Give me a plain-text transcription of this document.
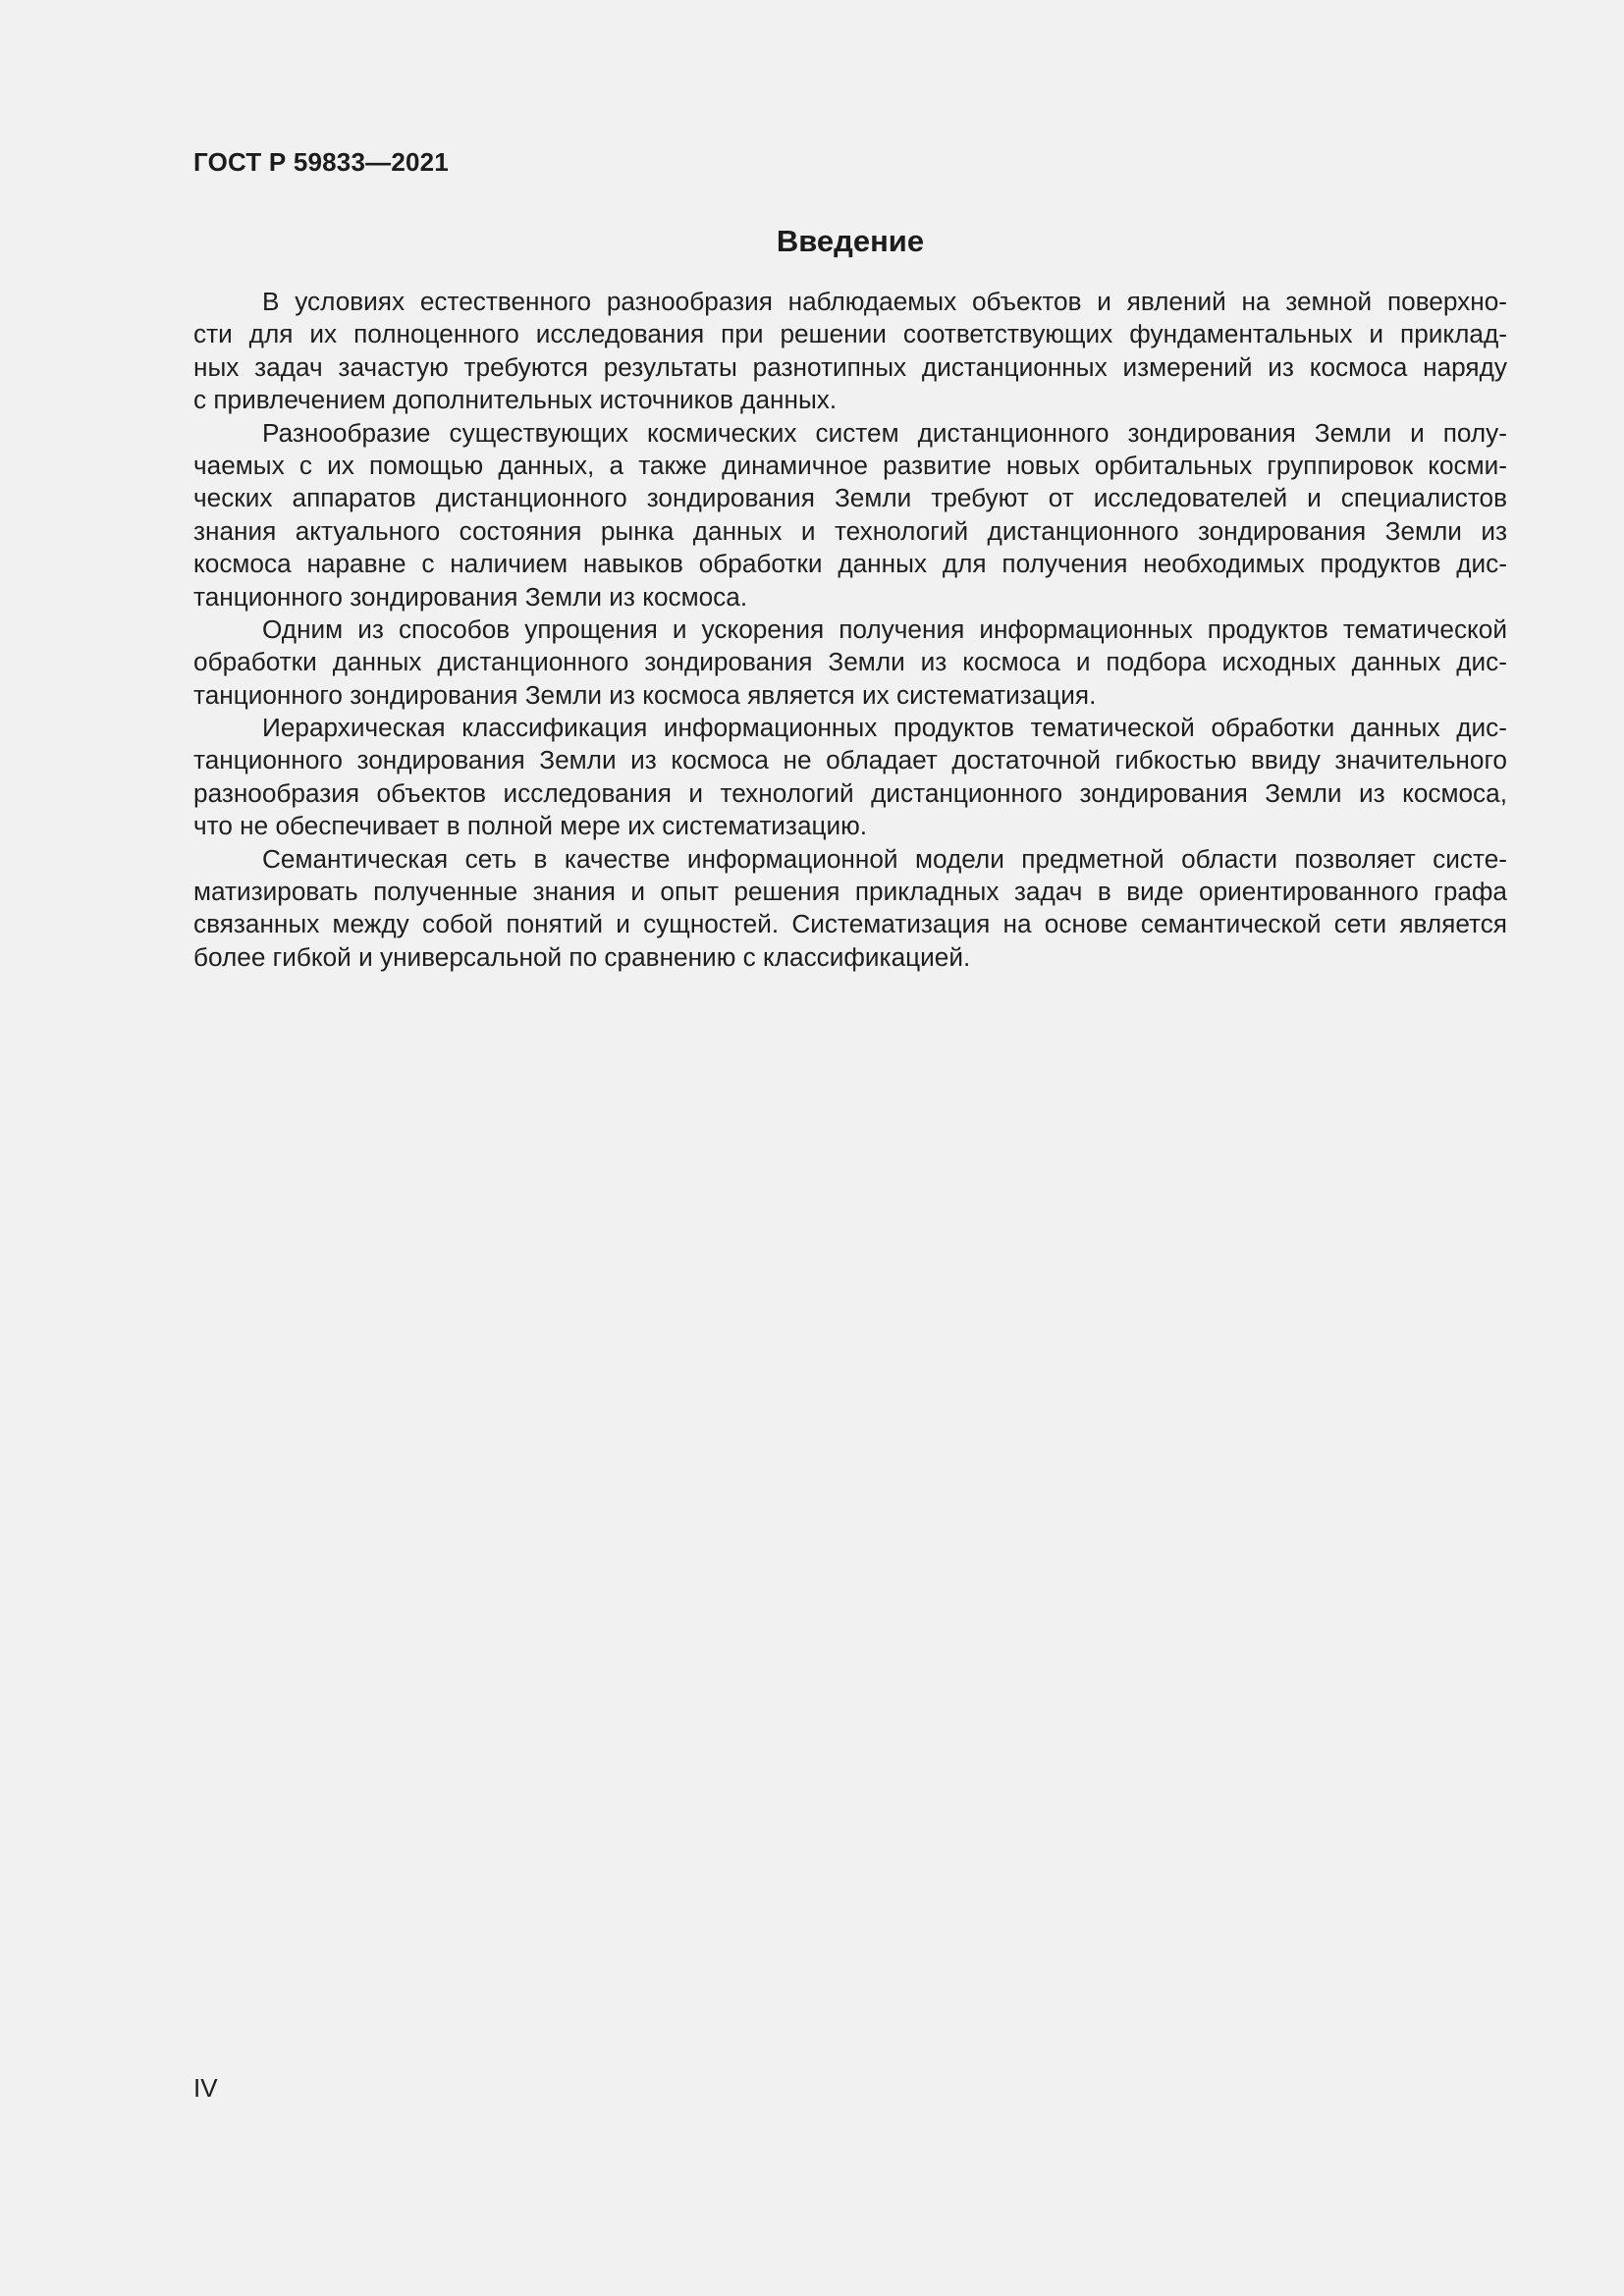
ГОСТ Р 59833—2021
Введение
В условиях естественного разнообразия наблюдаемых объектов и явлений на земной поверхно-
сти для их полноценного исследования при решении соответствующих фундаментальных и приклад-
ных задач зачастую требуются результаты разнотипных дистанционных измерений из космоса наряду
с привлечением дополнительных источников данных.
Разнообразие существующих космических систем дистанционного зондирования Земли и полу-
чаемых с их помощью данных, а также динамичное развитие новых орбитальных группировок косми-
ческих аппаратов дистанционного зондирования Земли требуют от исследователей и специалистов
знания актуального состояния рынка данных и технологий дистанционного зондирования Земли из
космоса наравне с наличием навыков обработки данных для получения необходимых продуктов дис-
танционного зондирования Земли из космоса.
Одним из способов упрощения и ускорения получения информационных продуктов тематической
обработки данных дистанционного зондирования Земли из космоса и подбора исходных данных дис-
танционного зондирования Земли из космоса является их систематизация.
Иерархическая классификация информационных продуктов тематической обработки данных дис-
танционного зондирования Земли из космоса не обладает достаточной гибкостью ввиду значительного
разнообразия объектов исследования и технологий дистанционного зондирования Земли из космоса,
что не обеспечивает в полной мере их систематизацию.
Семантическая сеть в качестве информационной модели предметной области позволяет систе-
матизировать полученные знания и опыт решения прикладных задач в виде ориентированного графа
связанных между собой понятий и сущностей. Систематизация на основе семантической сети является
более гибкой и универсальной по сравнению с классификацией.
IV
